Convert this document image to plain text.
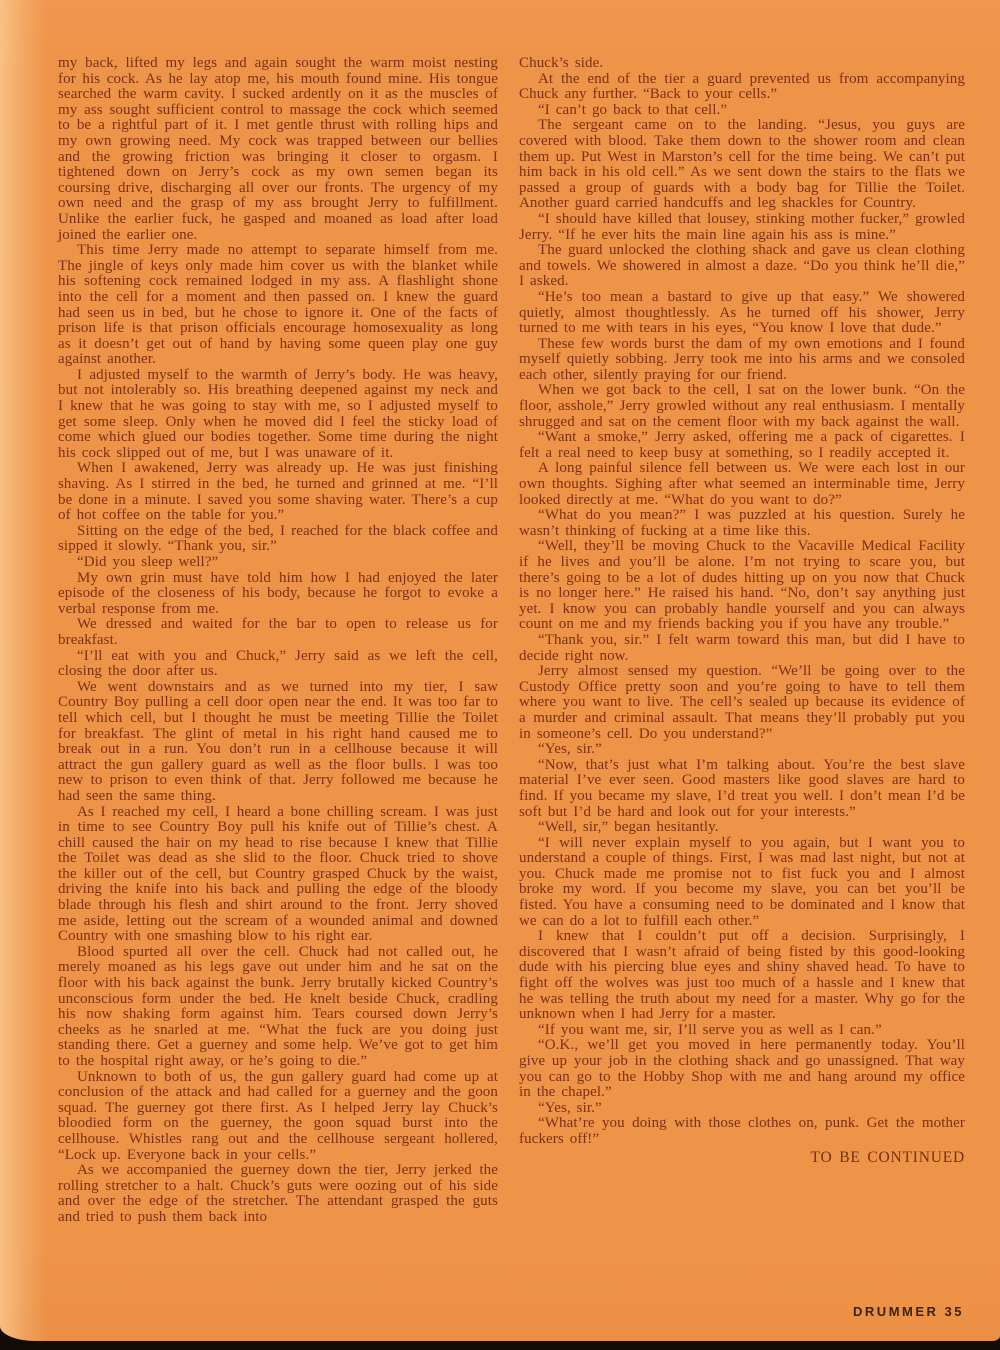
my back, lifted my legs and again sought the warm moist nesting for his cock. As he lay atop me, his mouth found mine. His tongue searched the warm cavity. I sucked ardently on it as the muscles of my ass sought sufficient control to massage the cock which seemed to be a rightful part of it. I met gentle thrust with rolling hips and my own growing need. My cock was trapped between our bellies and the growing friction was bringing it closer to orgasm. I tightened down on Jerry’s cock as my own semen began its coursing drive, discharging all over our fronts. The urgency of my own need and the grasp of my ass brought Jerry to fulfillment. Unlike the earlier fuck, he gasped and moaned as load after load joined the earlier one.

This time Jerry made no attempt to separate himself from me. The jingle of keys only made him cover us with the blanket while his softening cock remained lodged in my ass. A flashlight shone into the cell for a moment and then passed on. I knew the guard had seen us in bed, but he chose to ignore it. One of the facts of prison life is that prison officials encourage homosexuality as long as it doesn’t get out of hand by having some queen play one guy against another.

I adjusted myself to the warmth of Jerry’s body. He was heavy, but not intolerably so. His breathing deepened against my neck and I knew that he was going to stay with me, so I adjusted myself to get some sleep. Only when he moved did I feel the sticky load of come which glued our bodies together. Some time during the night his cock slipped out of me, but I was unaware of it.

When I awakened, Jerry was already up. He was just finishing shaving. As I stirred in the bed, he turned and grinned at me. “I’ll be done in a minute. I saved you some shaving water. There’s a cup of hot coffee on the table for you.”

Sitting on the edge of the bed, I reached for the black coffee and sipped it slowly. “Thank you, sir.”

“Did you sleep well?”

My own grin must have told him how I had enjoyed the later episode of the closeness of his body, because he forgot to evoke a verbal response from me.

We dressed and waited for the bar to open to release us for breakfast.

“I’ll eat with you and Chuck,” Jerry said as we left the cell, closing the door after us.

We went downstairs and as we turned into my tier, I saw Country Boy pulling a cell door open near the end. It was too far to tell which cell, but I thought he must be meeting Tillie the Toilet for breakfast. The glint of metal in his right hand caused me to break out in a run. You don’t run in a cellhouse because it will attract the gun gallery guard as well as the floor bulls. I was too new to prison to even think of that. Jerry followed me because he had seen the same thing.

As I reached my cell, I heard a bone chilling scream. I was just in time to see Country Boy pull his knife out of Tillie’s chest. A chill caused the hair on my head to rise because I knew that Tillie the Toilet was dead as she slid to the floor. Chuck tried to shove the killer out of the cell, but Country grasped Chuck by the waist, driving the knife into his back and pulling the edge of the bloody blade through his flesh and shirt around to the front. Jerry shoved me aside, letting out the scream of a wounded animal and downed Country with one smashing blow to his right ear.

Blood spurted all over the cell. Chuck had not called out, he merely moaned as his legs gave out under him and he sat on the floor with his back against the bunk. Jerry brutally kicked Country’s unconscious form under the bed. He knelt beside Chuck, cradling his now shaking form against him. Tears coursed down Jerry’s cheeks as he snarled at me. “What the fuck are you doing just standing there. Get a guerney and some help. We’ve got to get him to the hospital right away, or he’s going to die.”

Unknown to both of us, the gun gallery guard had come up at conclusion of the attack and had called for a guerney and the goon squad. The guerney got there first. As I helped Jerry lay Chuck’s bloodied form on the guerney, the goon squad burst into the cellhouse. Whistles rang out and the cellhouse sergeant hollered, “Lock up. Everyone back in your cells.”

As we accompanied the guerney down the tier, Jerry jerked the rolling stretcher to a halt. Chuck’s guts were oozing out of his side and over the edge of the stretcher. The attendant grasped the guts and tried to push them back into

Chuck’s side.

At the end of the tier a guard prevented us from accompanying Chuck any further. “Back to your cells.”

“I can’t go back to that cell.”

The sergeant came on to the landing. “Jesus, you guys are covered with blood. Take them down to the shower room and clean them up. Put West in Marston’s cell for the time being. We can’t put him back in his old cell.” As we sent down the stairs to the flats we passed a group of guards with a body bag for Tillie the Toilet. Another guard carried handcuffs and leg shackles for Country.

“I should have killed that lousey, stinking mother fucker,” growled Jerry. “If he ever hits the main line again his ass is mine.”

The guard unlocked the clothing shack and gave us clean clothing and towels. We showered in almost a daze. “Do you think he’ll die,” I asked.

“He’s too mean a bastard to give up that easy.” We showered quietly, almost thoughtlessly. As he turned off his shower, Jerry turned to me with tears in his eyes, “You know I love that dude.”

These few words burst the dam of my own emotions and I found myself quietly sobbing. Jerry took me into his arms and we consoled each other, silently praying for our friend.

When we got back to the cell, I sat on the lower bunk. “On the floor, asshole,” Jerry growled without any real enthusiasm. I mentally shrugged and sat on the cement floor with my back against the wall.

“Want a smoke,” Jerry asked, offering me a pack of cigarettes. I felt a real need to keep busy at something, so I readily accepted it.

A long painful silence fell between us. We were each lost in our own thoughts. Sighing after what seemed an interminable time, Jerry looked directly at me. “What do you want to do?”

“What do you mean?” I was puzzled at his question. Surely he wasn’t thinking of fucking at a time like this.

“Well, they’ll be moving Chuck to the Vacaville Medical Facility if he lives and you’ll be alone. I’m not trying to scare you, but there’s going to be a lot of dudes hitting up on you now that Chuck is no longer here.” He raised his hand. “No, don’t say anything just yet. I know you can probably handle yourself and you can always count on me and my friends backing you if you have any trouble.”

“Thank you, sir.” I felt warm toward this man, but did I have to decide right now.

Jerry almost sensed my question. “We’ll be going over to the Custody Office pretty soon and you’re going to have to tell them where you want to live. The cell’s sealed up because its evidence of a murder and criminal assault. That means they’ll probably put you in someone’s cell. Do you understand?”

“Yes, sir.”

“Now, that’s just what I’m talking about. You’re the best slave material I’ve ever seen. Good masters like good slaves are hard to find. If you became my slave, I’d treat you well. I don’t mean I’d be soft but I’d be hard and look out for your interests.”

“Well, sir,” began hesitantly.

“I will never explain myself to you again, but I want you to understand a couple of things. First, I was mad last night, but not at you. Chuck made me promise not to fist fuck you and I almost broke my word. If you become my slave, you can bet you’ll be fisted. You have a consuming need to be dominated and I know that we can do a lot to fulfill each other.”

I knew that I couldn’t put off a decision. Surprisingly, I discovered that I wasn’t afraid of being fisted by this good-looking dude with his piercing blue eyes and shiny shaved head. To have to fight off the wolves was just too much of a hassle and I knew that he was telling the truth about my need for a master. Why go for the unknown when I had Jerry for a master.

“If you want me, sir, I’ll serve you as well as I can.”

“O.K., we’ll get you moved in here permanently today. You’ll give up your job in the clothing shack and go unassigned. That way you can go to the Hobby Shop with me and hang around my office in the chapel.”

“Yes, sir.”

“What’re you doing with those clothes on, punk. Get the mother fuckers off!”

TO BE CONTINUED
DRUMMER 35
